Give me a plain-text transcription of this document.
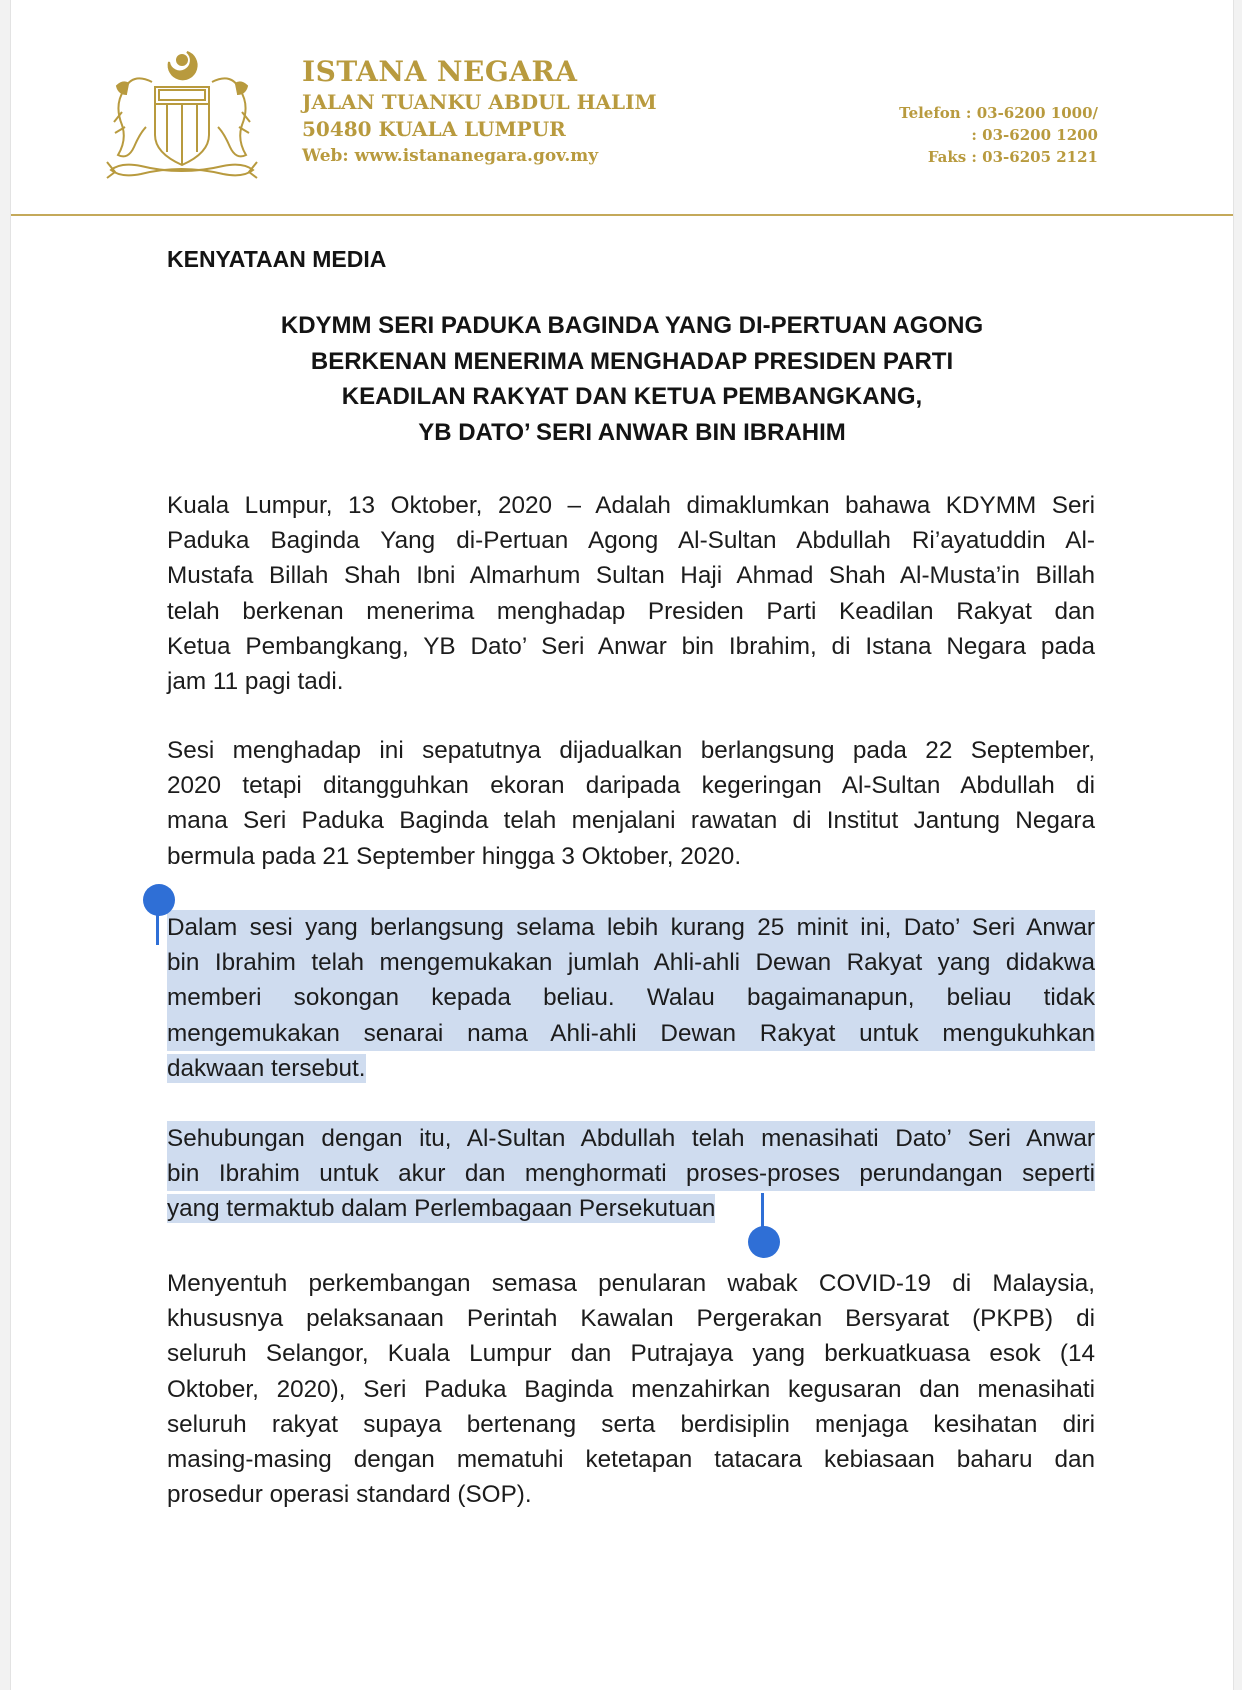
ISTANA NEGARA
JALAN TUANKU ABDUL HALIM
50480 KUALA LUMPUR
Web: www.istananegara.gov.my
Telefon : 03-6200 1000/
: 03-6200 1200
Faks : 03-6205 2121
KENYATAAN MEDIA
KDYMM SERI PADUKA BAGINDA YANG DI-PERTUAN AGONG
BERKENAN MENERIMA MENGHADAP PRESIDEN PARTI
KEADILAN RAKYAT DAN KETUA PEMBANGKANG,
YB DATO’ SERI ANWAR BIN IBRAHIM
Kuala Lumpur, 13 Oktober, 2020 – Adalah dimaklumkan bahawa KDYMM Seri
Paduka Baginda Yang di-Pertuan Agong Al-Sultan Abdullah Ri’ayatuddin Al-
Mustafa Billah Shah Ibni Almarhum Sultan Haji Ahmad Shah Al-Musta’in Billah
telah berkenan menerima menghadap Presiden Parti Keadilan Rakyat dan
Ketua Pembangkang, YB Dato’ Seri Anwar bin Ibrahim, di Istana Negara pada
jam 11 pagi tadi.
Sesi menghadap ini sepatutnya dijadualkan berlangsung pada 22 September,
2020 tetapi ditangguhkan ekoran daripada kegeringan Al-Sultan Abdullah di
mana Seri Paduka Baginda telah menjalani rawatan di Institut Jantung Negara
bermula pada 21 September hingga 3 Oktober, 2020.
Dalam sesi yang berlangsung selama lebih kurang 25 minit ini, Dato’ Seri Anwar
bin Ibrahim telah mengemukakan jumlah Ahli-ahli Dewan Rakyat yang didakwa
memberi sokongan kepada beliau. Walau bagaimanapun, beliau tidak
mengemukakan senarai nama Ahli-ahli Dewan Rakyat untuk mengukuhkan
dakwaan tersebut.
Sehubungan dengan itu, Al-Sultan Abdullah telah menasihati Dato’ Seri Anwar
bin Ibrahim untuk akur dan menghormati proses-proses perundangan seperti
yang termaktub dalam Perlembagaan Persekutuan
Menyentuh perkembangan semasa penularan wabak COVID-19 di Malaysia,
khususnya pelaksanaan Perintah Kawalan Pergerakan Bersyarat (PKPB) di
seluruh Selangor, Kuala Lumpur dan Putrajaya yang berkuatkuasa esok (14
Oktober, 2020), Seri Paduka Baginda menzahirkan kegusaran dan menasihati
seluruh rakyat supaya bertenang serta berdisiplin menjaga kesihatan diri
masing-masing dengan mematuhi ketetapan tatacara kebiasaan baharu dan
prosedur operasi standard (SOP).
